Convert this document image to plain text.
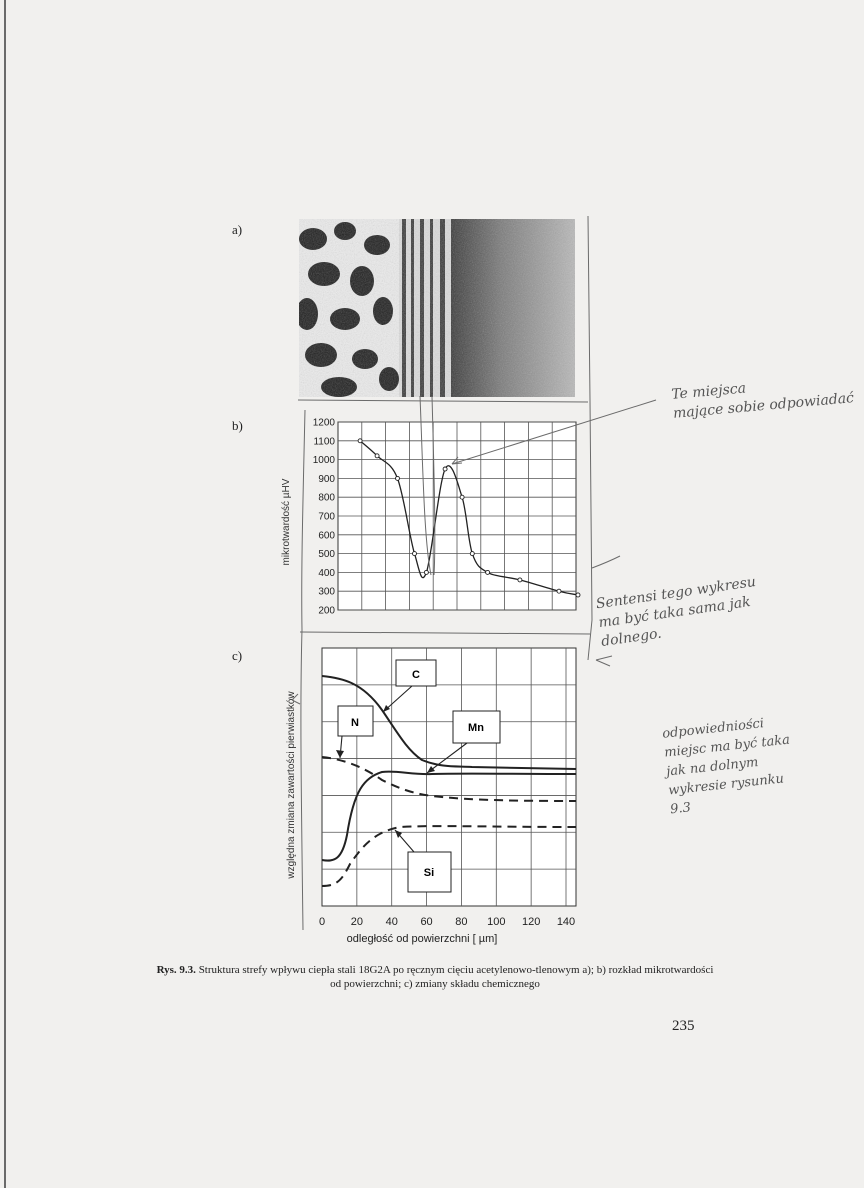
a)
b)
c)
200
300
400
500
600
700
800
900
1000
1100
1200
mikrotwardość µHV
0 20 40 60 80 100 120 140
względna zmiana zawartości pierwiastków
odległość od powierzchni [ µm]
C
N	Mn
Si
Te miejsca
mające sobie odpowiadać
Sentensi tego wykresu
ma być taka sama jak
dolnego.
odpowiedniości
miejsc ma być taka
jak na dolnym
wykresie rysunku
9.3
Rys. 9.3. Struktura strefy wpływu ciepła stali 18G2A po ręcznym cięciu acetylenowo-tlenowym a); b) rozkład mikrotwardości od powierzchni; c) zmiany składu chemicznego
235
